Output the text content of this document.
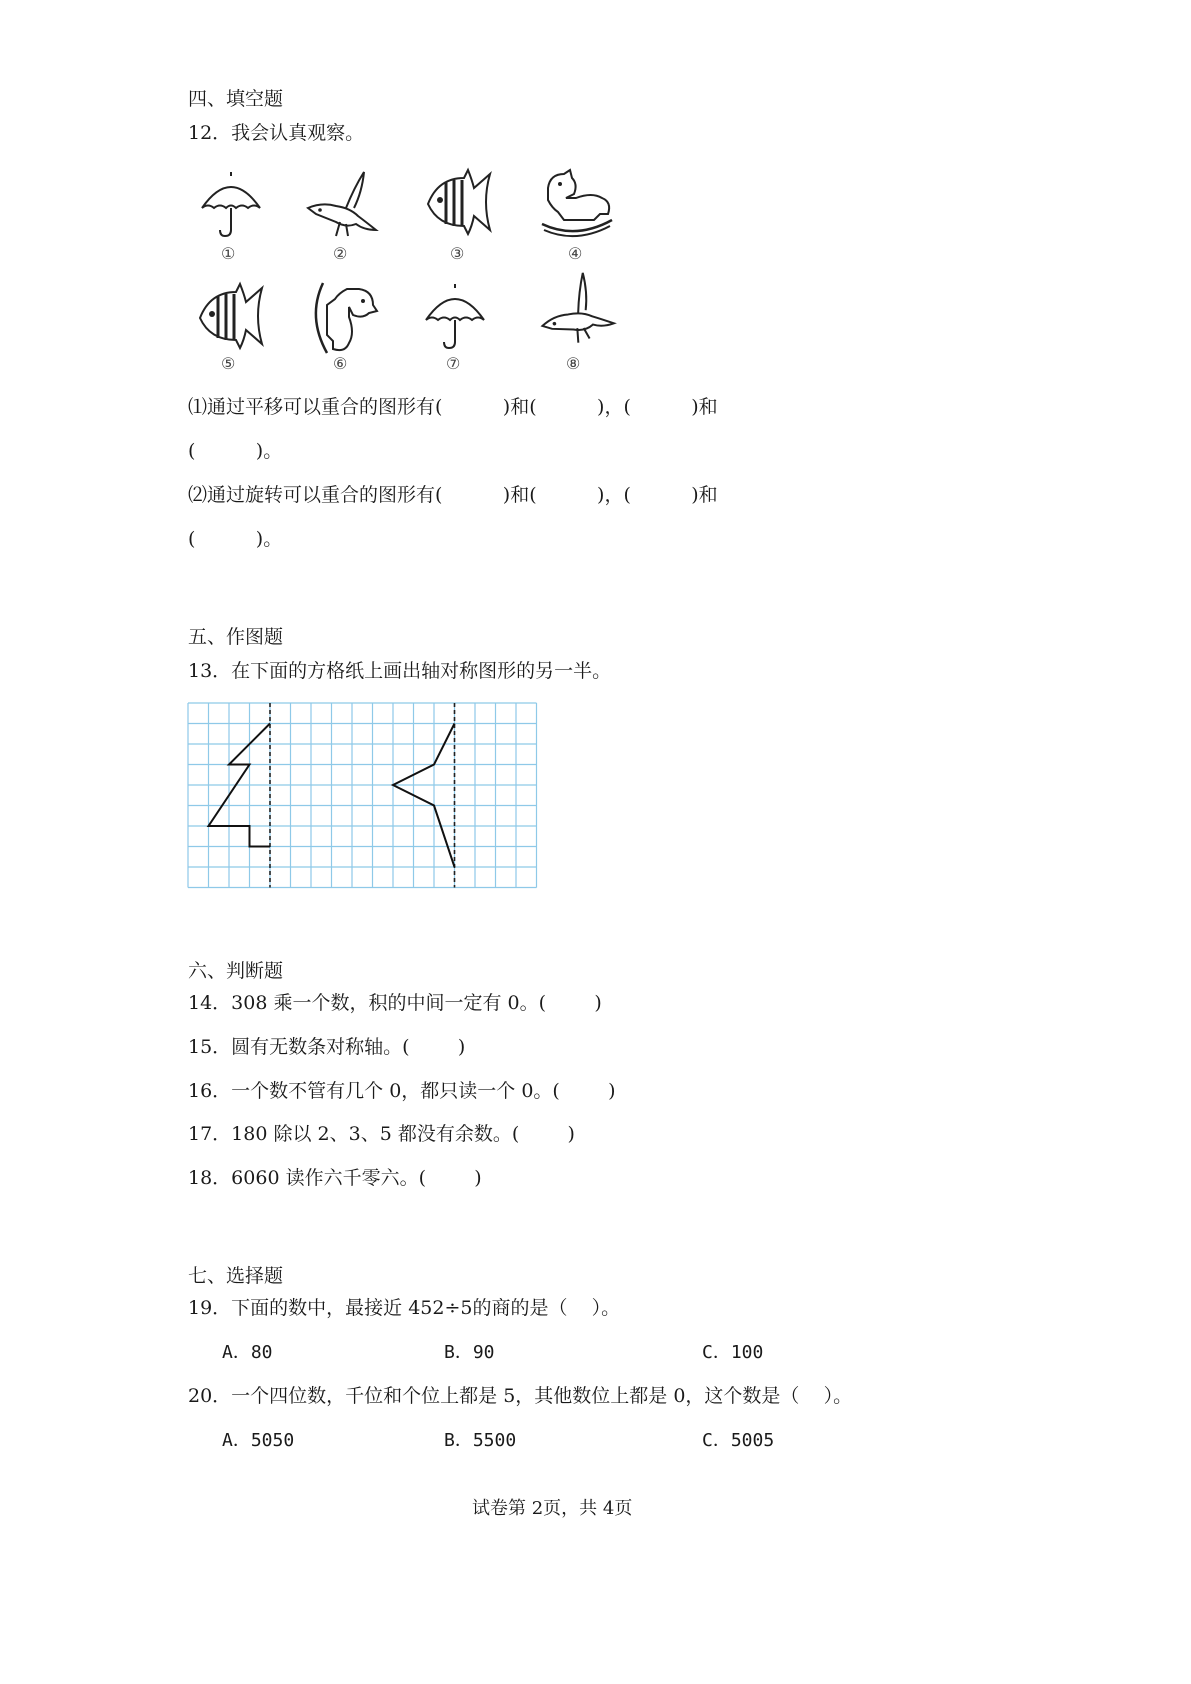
四、填空题
12．我会认真观察。
①	②	③	④
⑤	⑥	⑦	⑧
⑴通过平移可以重合的图形有(          )和(          )，(          )和
(          )。
⑵通过旋转可以重合的图形有(          )和(          )，(          )和
(          )。
五、作图题
13．在下面的方格纸上画出轴对称图形的另一半。
六、判断题
14．308 乘一个数，积的中间一定有 0。(        )
15．圆有无数条对称轴。(        )
16．一个数不管有几个 0，都只读一个 0。(        )
17．180 除以 2、3、5 都没有余数。(        )
18．6060 读作六千零六。(        )
七、选择题
19．下面的数中，最接近 452÷5的商的是（    ）。
A．80	B．90	C．100
20．一个四位数，千位和个位上都是 5，其他数位上都是 0，这个数是（    ）。
A．5050	B．5500	C．5005
试卷第 2页，共 4页
